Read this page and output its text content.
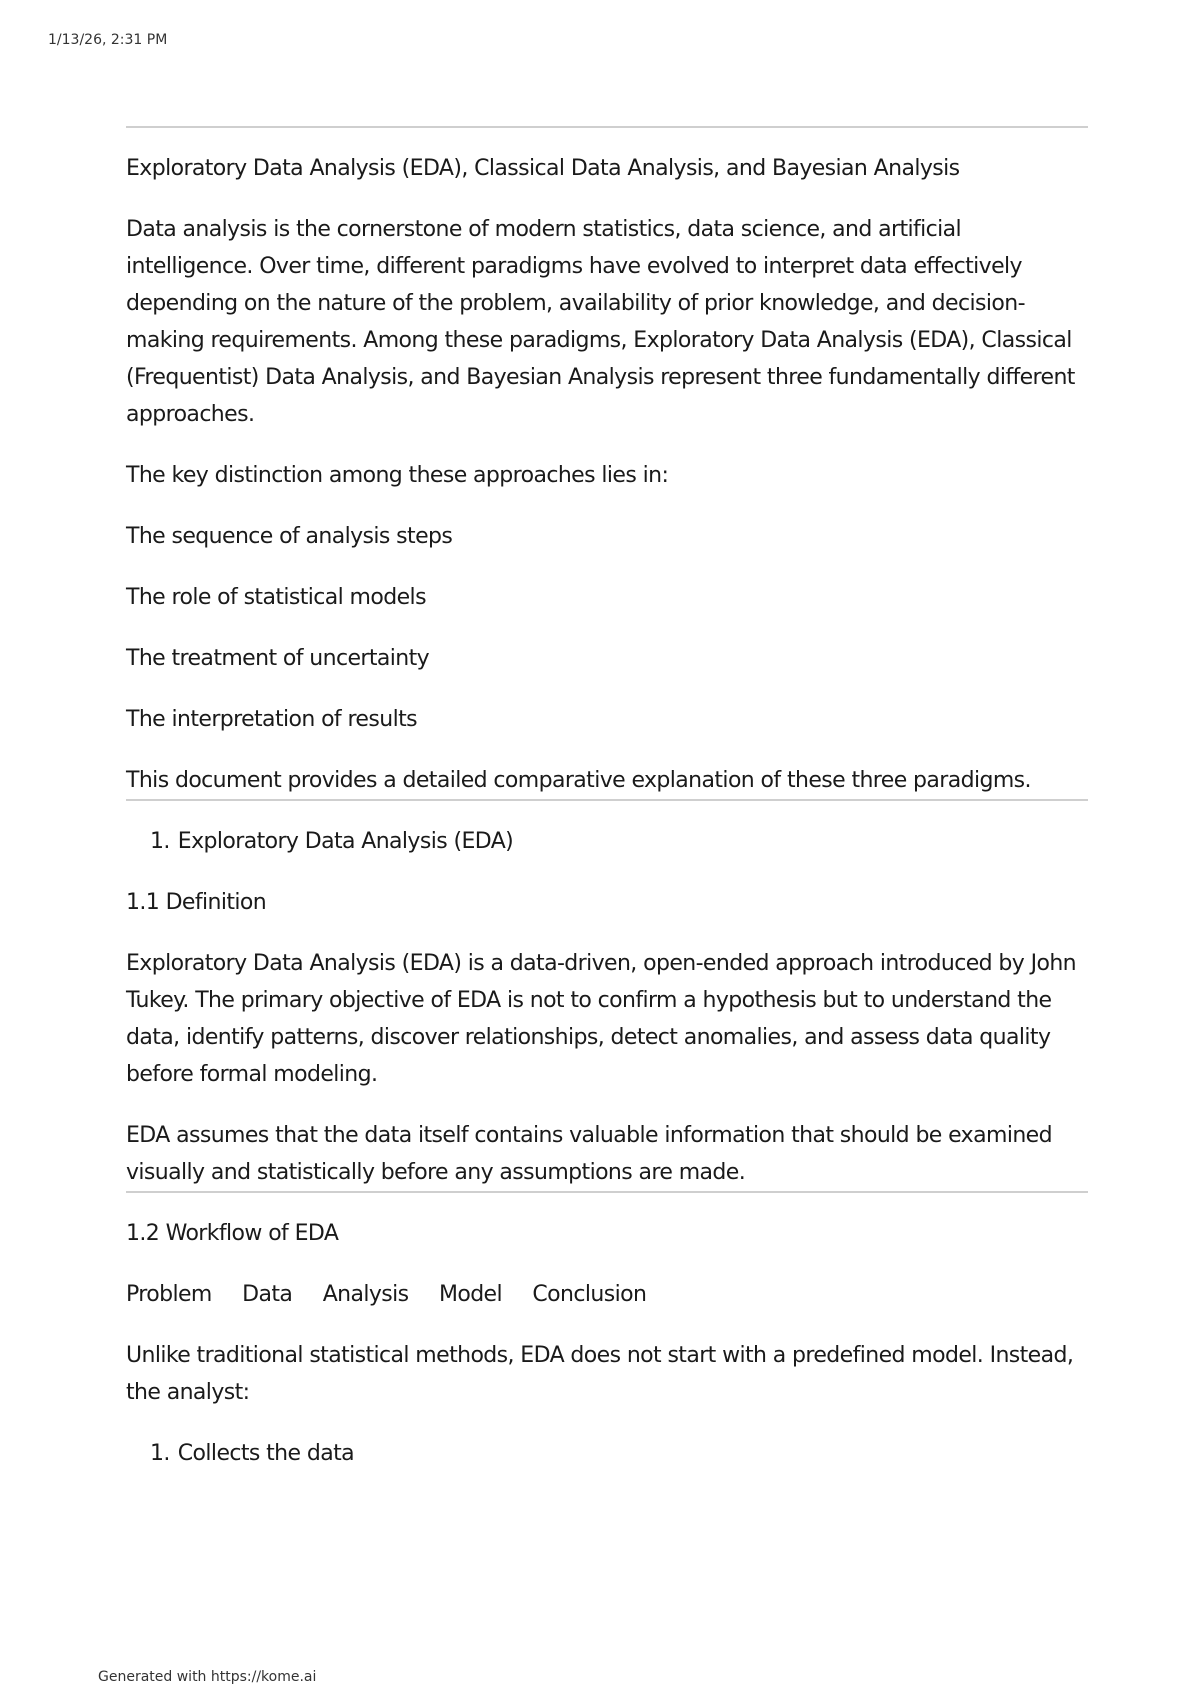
1/13/26, 2:31 PM

Exploratory Data Analysis (EDA), Classical Data Analysis, and Bayesian Analysis

Data analysis is the cornerstone of modern statistics, data science, and artificial intelligence. Over time, different paradigms have evolved to interpret data effectively depending on the nature of the problem, availability of prior knowledge, and decision-making requirements. Among these paradigms, Exploratory Data Analysis (EDA), Classical (Frequentist) Data Analysis, and Bayesian Analysis represent three fundamentally different approaches.

The key distinction among these approaches lies in:

The sequence of analysis steps

The role of statistical models

The treatment of uncertainty

The interpretation of results

This document provides a detailed comparative explanation of these three paradigms.

1. Exploratory Data Analysis (EDA)

1.1 Definition

Exploratory Data Analysis (EDA) is a data-driven, open-ended approach introduced by John Tukey. The primary objective of EDA is not to confirm a hypothesis but to understand the data, identify patterns, discover relationships, detect anomalies, and assess data quality before formal modeling.

EDA assumes that the data itself contains valuable information that should be examined visually and statistically before any assumptions are made.

1.2 Workflow of EDA

Problem Data Analysis Model Conclusion

Unlike traditional statistical methods, EDA does not start with a predefined model. Instead, the analyst:

1. Collects the data

Generated with https://kome.ai
